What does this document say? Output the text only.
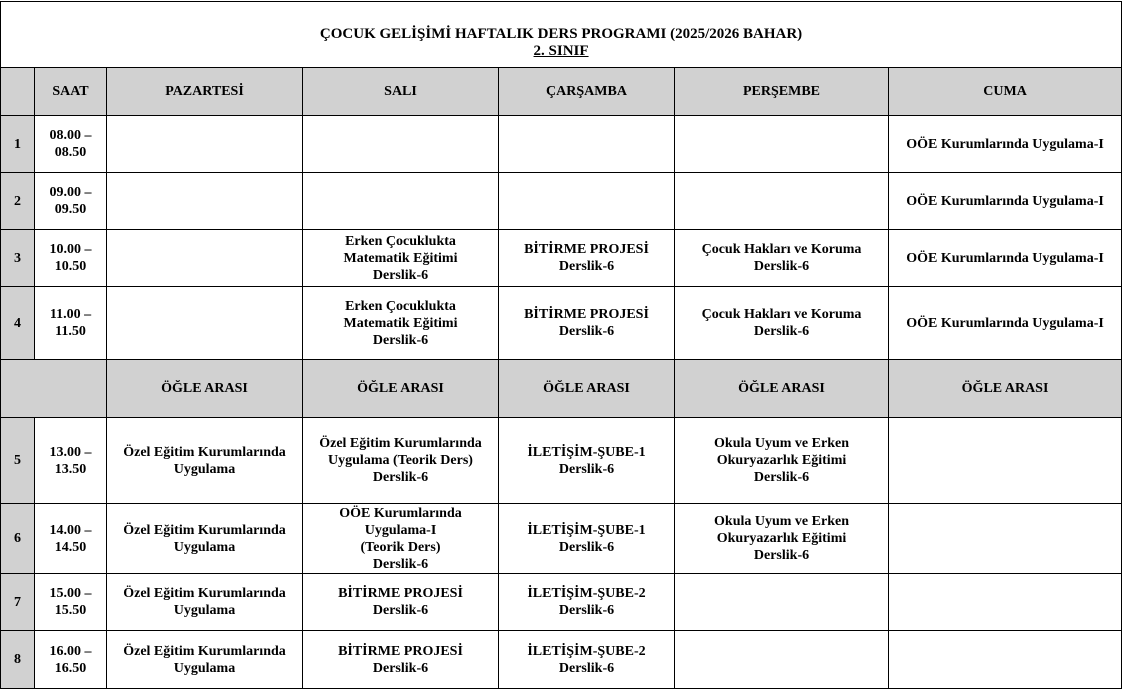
ÇOCUK GELİŞİMİ HAFTALIK DERS PROGRAMI (2025/2026 BAHAR)
2. SINIF						
	SAAT	PAZARTESİ	SALI	ÇARŞAMBA	PERŞEMBE	CUMA
1	08.00 –
08.50					OÖE Kurumlarında Uygulama-I

2	09.00 –
09.50					OÖE Kurumlarında Uygulama-I

3	10.00 –
10.50		Erken Çocuklukta
Matematik Eğitimi
Derslik-6	BİTİRME PROJESİ
Derslik-6	Çocuk Hakları ve Koruma
Derslik-6	OÖE Kurumlarında Uygulama-I

4	11.00 –
11.50		Erken Çocuklukta
Matematik Eğitimi
Derslik-6	BİTİRME PROJESİ
Derslik-6	Çocuk Hakları ve Koruma
Derslik-6	OÖE Kurumlarında Uygulama-I

		ÖĞLE ARASI	ÖĞLE ARASI	ÖĞLE ARASI	ÖĞLE ARASI	ÖĞLE ARASI
5	13.00 –
13.50	Özel Eğitim Kurumlarında
Uygulama	Özel Eğitim Kurumlarında
Uygulama (Teorik Ders)
Derslik-6	İLETİŞİM-ŞUBE-1
Derslik-6	Okula Uyum ve Erken
Okuryazarlık Eğitimi
Derslik-6	

6	14.00 –
14.50	Özel Eğitim Kurumlarında
Uygulama	OÖE Kurumlarında
Uygulama-I
(Teorik Ders)
Derslik-6	İLETİŞİM-ŞUBE-1
Derslik-6	Okula Uyum ve Erken
Okuryazarlık Eğitimi
Derslik-6	

7	15.00 –
15.50	Özel Eğitim Kurumlarında
Uygulama	BİTİRME PROJESİ
Derslik-6	İLETİŞİM-ŞUBE-2
Derslik-6		

8	16.00 –
16.50	Özel Eğitim Kurumlarında
Uygulama	BİTİRME PROJESİ
Derslik-6	İLETİŞİM-ŞUBE-2
Derslik-6		
